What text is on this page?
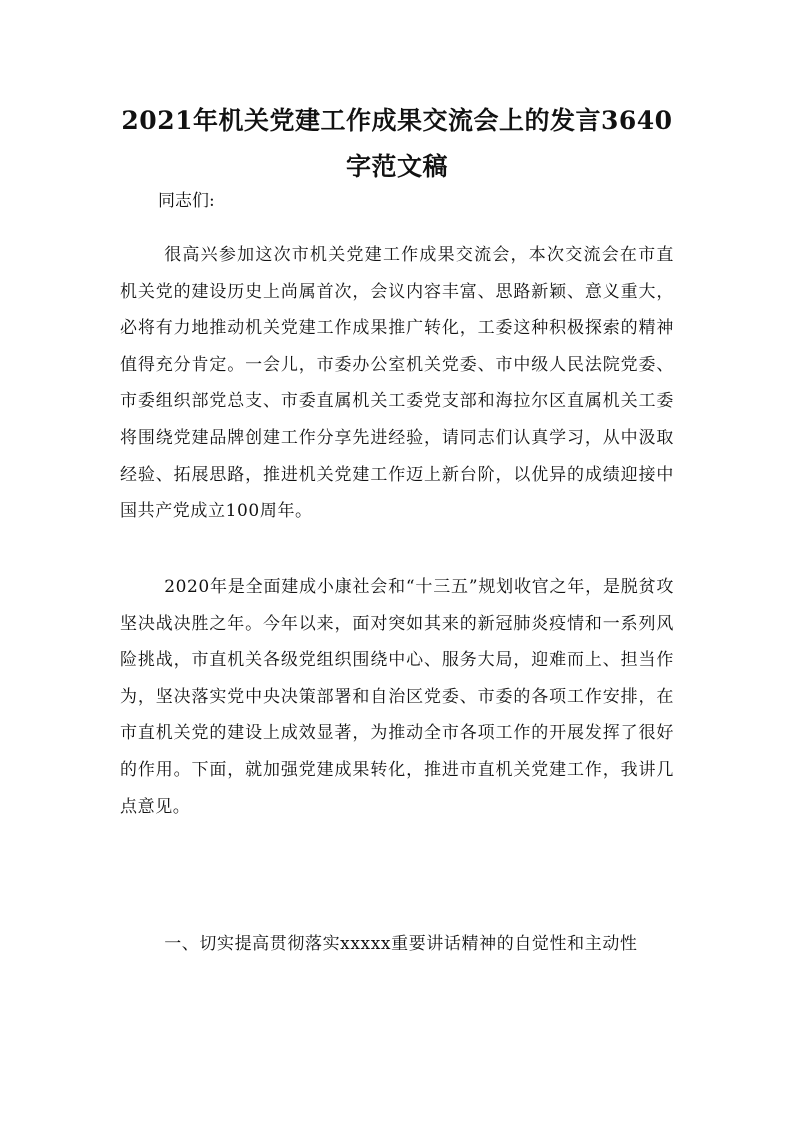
2021年机关党建工作成果交流会上的发言3640字范文稿

同志们:

很高兴参加这次市机关党建工作成果交流会，本次交流会在市直机关党的建设历史上尚属首次，会议内容丰富、思路新颖、意义重大，必将有力地推动机关党建工作成果推广转化，工委这种积极探索的精神值得充分肯定。一会儿，市委办公室机关党委、市中级人民法院党委、市委组织部党总支、市委直属机关工委党支部和海拉尔区直属机关工委将围绕党建品牌创建工作分享先进经验，请同志们认真学习，从中汲取经验、拓展思路，推进机关党建工作迈上新台阶，以优异的成绩迎接中国共产党成立100周年。

2020年是全面建成小康社会和“十三五”规划收官之年，是脱贫攻坚决战决胜之年。今年以来，面对突如其来的新冠肺炎疫情和一系列风险挑战，市直机关各级党组织围绕中心、服务大局，迎难而上、担当作为，坚决落实党中央决策部署和自治区党委、市委的各项工作安排，在市直机关党的建设上成效显著，为推动全市各项工作的开展发挥了很好的作用。下面，就加强党建成果转化，推进市直机关党建工作，我讲几点意见。

一、切实提高贯彻落实xxxxx重要讲话精神的自觉性和主动性
